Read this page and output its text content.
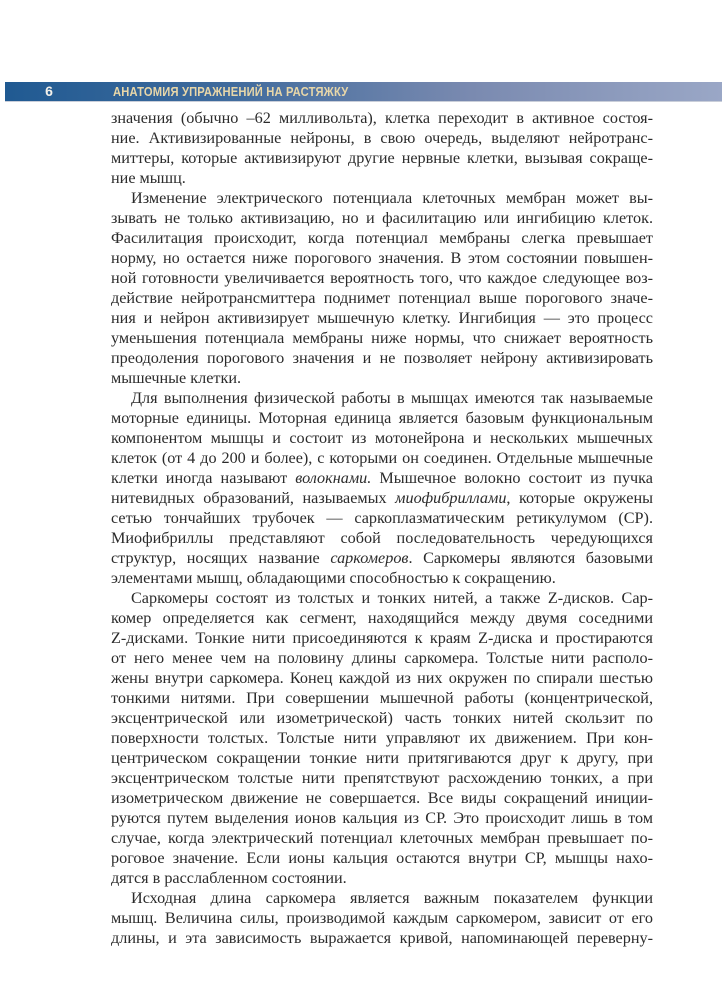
6	АНАТОМИЯ УПРАЖНЕНИЙ НА РАСТЯЖКУ
значения (обычно –62 милливольта), клетка переходит в активное состоя-
ние. Активизированные нейроны, в свою очередь, выделяют нейротранс-
миттеры, которые активизируют другие нервные клетки, вызывая сокраще-
ние мышц.
Изменение электрического потенциала клеточных мембран может вы-
зывать не только активизацию, но и фасилитацию или ингибицию клеток.
Фасилитация происходит, когда потенциал мембраны слегка превышает
норму, но остается ниже порогового значения. В этом состоянии повышен-
ной готовности увеличивается вероятность того, что каждое следующее воз-
действие нейротрансмиттера поднимет потенциал выше порогового значе-
ния и нейрон активизирует мышечную клетку. Ингибиция — это процесс
уменьшения потенциала мембраны ниже нормы, что снижает вероятность
преодоления порогового значения и не позволяет нейрону активизировать
мышечные клетки.
Для выполнения физической работы в мышцах имеются так называемые
моторные единицы. Моторная единица является базовым функциональным
компонентом мышцы и состоит из мотонейрона и нескольких мышечных
клеток (от 4 до 200 и более), с которыми он соединен. Отдельные мышечные
клетки иногда называют волокнами. Мышечное волокно состоит из пучка
нитевидных образований, называемых миофибриллами, которые окружены
сетью тончайших трубочек — саркоплазматическим ретикулумом (СР).
Миофибриллы представляют собой последовательность чередующихся
структур, носящих название саркомеров. Саркомеры являются базовыми
элементами мышц, обладающими способностью к сокращению.
Саркомеры состоят из толстых и тонких нитей, а также Z-дисков. Сар-
комер определяется как сегмент, находящийся между двумя соседними
Z-дисками. Тонкие нити присоединяются к краям Z-диска и простираются
от него менее чем на половину длины саркомера. Толстые нити располо-
жены внутри саркомера. Конец каждой из них окружен по спирали шестью
тонкими нитями. При совершении мышечной работы (концентрической,
эксцентрической или изометрической) часть тонких нитей скользит по
поверхности толстых. Толстые нити управляют их движением. При кон-
центрическом сокращении тонкие нити притягиваются друг к другу, при
эксцентрическом толстые нити препятствуют расхождению тонких, а при
изометрическом движение не совершается. Все виды сокращений иниции-
руются путем выделения ионов кальция из СР. Это происходит лишь в том
случае, когда электрический потенциал клеточных мембран превышает по-
роговое значение. Если ионы кальция остаются внутри СР, мышцы нахо-
дятся в расслабленном состоянии.
Исходная длина саркомера является важным показателем функции
мышц. Величина силы, производимой каждым саркомером, зависит от его
длины, и эта зависимость выражается кривой, напоминающей переверну-
